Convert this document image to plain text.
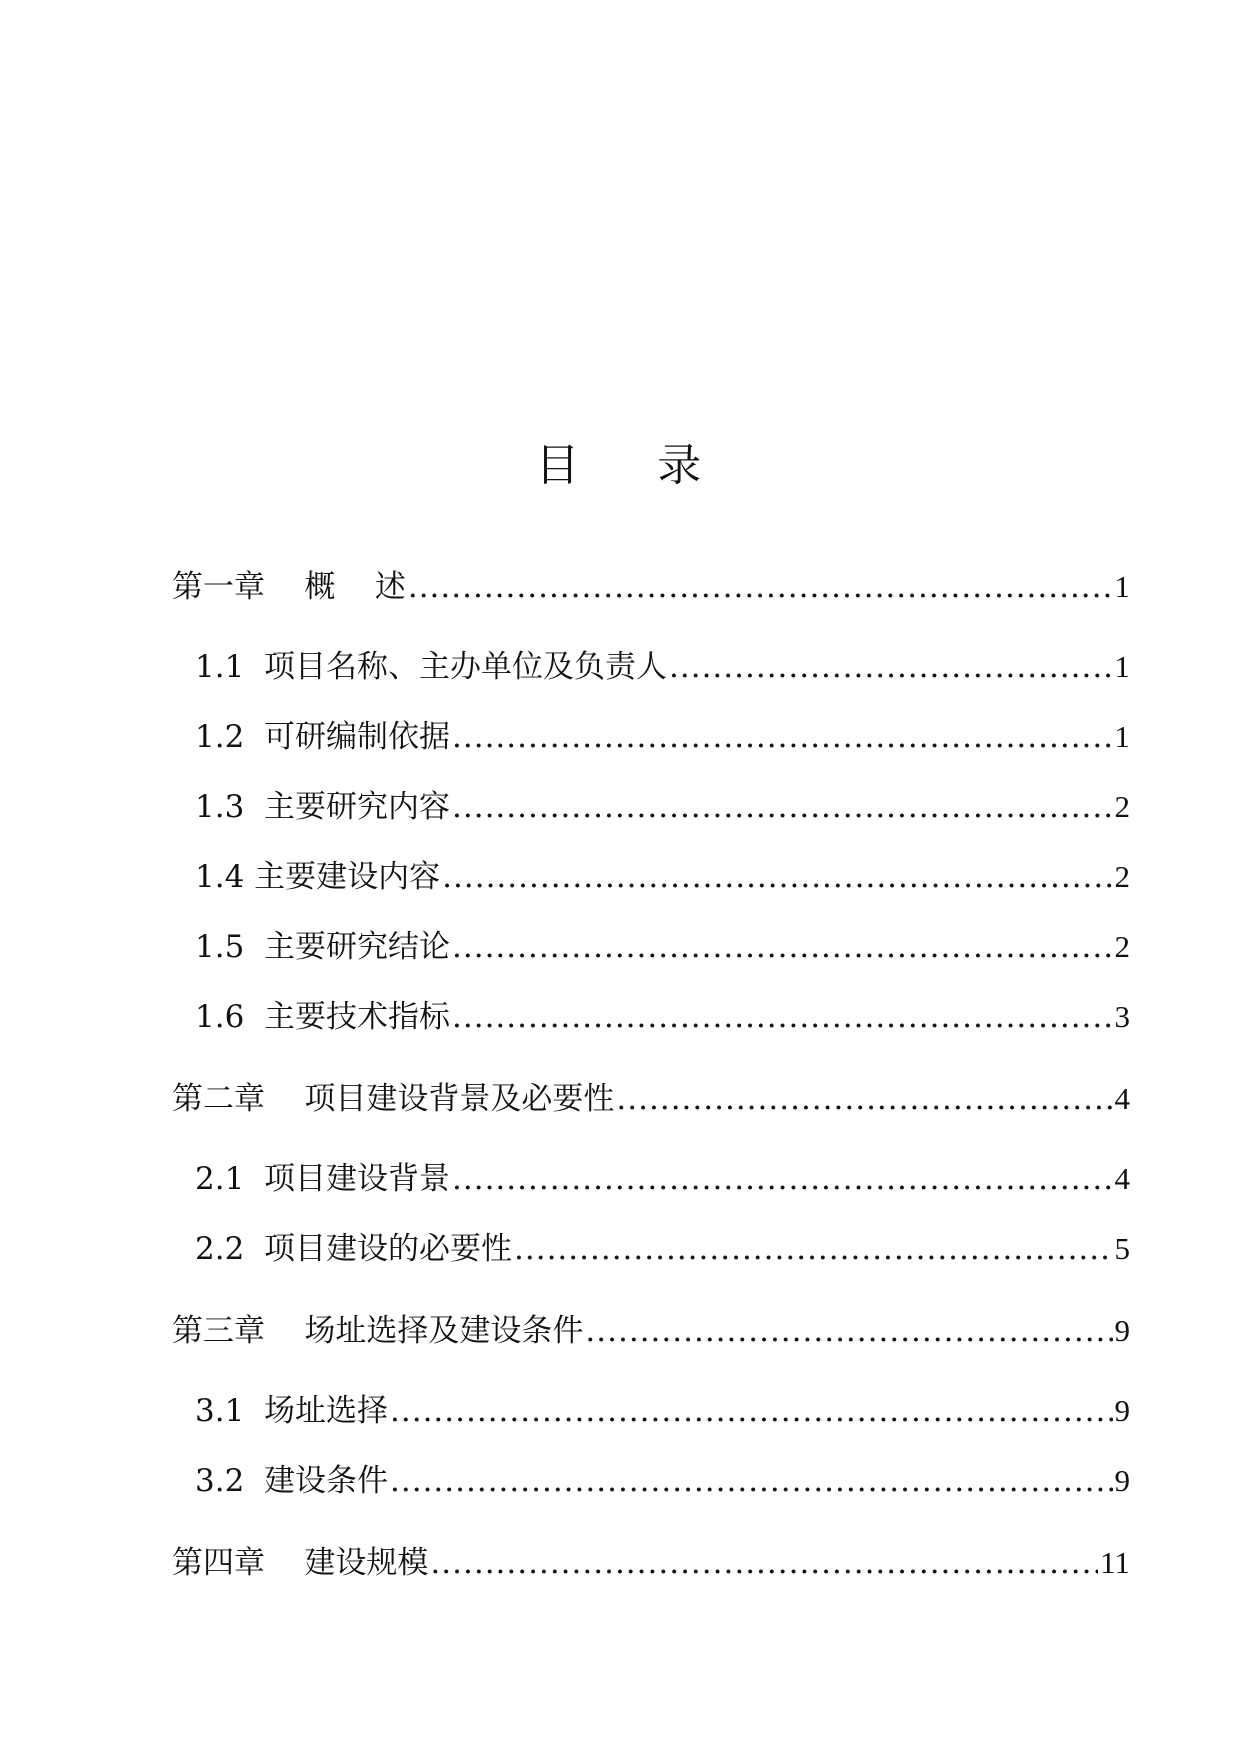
目    录
第一章    概    述 .....	1
1.1  项目名称、主办单位及负责人 .....	1
1.2  可研编制依据 .....	1
1.3  主要研究内容 .....	2
1.4 主要建设内容 .....	2
1.5  主要研究结论 .....	2
1.6  主要技术指标 .....	3
第二章    项目建设背景及必要性 .....	4
2.1  项目建设背景 .....	4
2.2  项目建设的必要性 .....	5
第三章    场址选择及建设条件 .....	9
3.1  场址选择 .....	9
3.2  建设条件 .....	9
第四章    建设规模 .....	11
